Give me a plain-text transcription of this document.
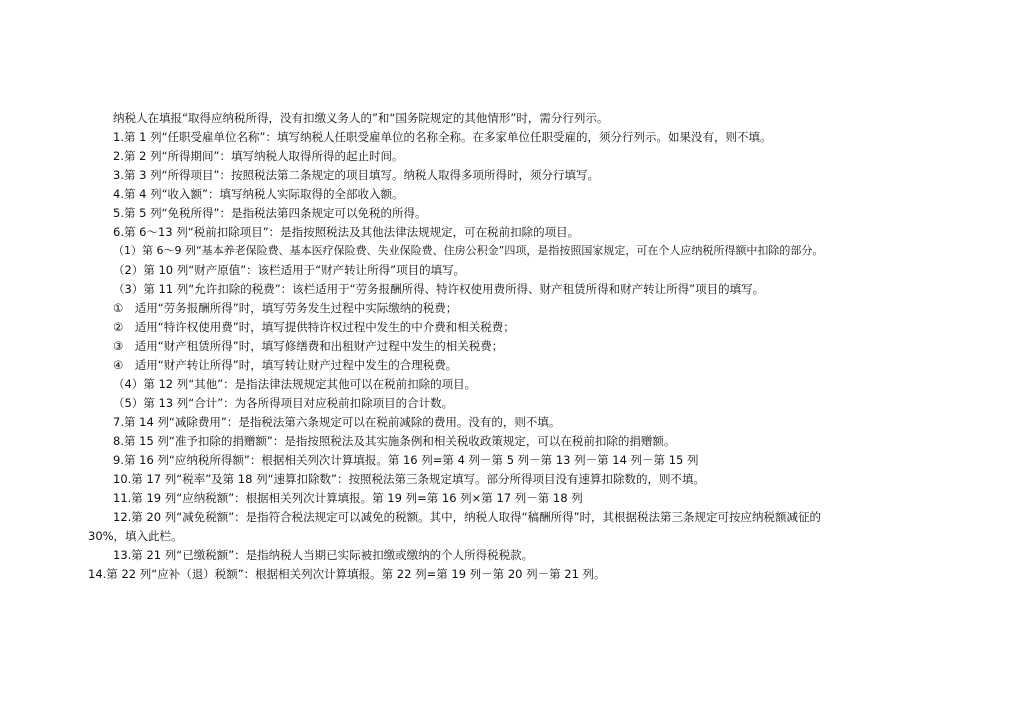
纳税人在填报“取得应纳税所得，没有扣缴义务人的”和“国务院规定的其他情形”时，需分行列示。
1.第 1 列“任职受雇单位名称”：填写纳税人任职受雇单位的名称全称。在多家单位任职受雇的，须分行列示。如果没有，则不填。
2.第 2 列“所得期间”：填写纳税人取得所得的起止时间。
3.第 3 列“所得项目”：按照税法第二条规定的项目填写。纳税人取得多项所得时，须分行填写。
4.第 4 列“收入额”：填写纳税人实际取得的全部收入额。
5.第 5 列“免税所得”：是指税法第四条规定可以免税的所得。
6.第 6～13 列“税前扣除项目”：是指按照税法及其他法律法规规定，可在税前扣除的项目。
（1）第 6～9 列“基本养老保险费、基本医疗保险费、失业保险费、住房公积金”四项，是指按照国家规定，可在个人应纳税所得额中扣除的部分。
（2）第 10 列“财产原值”：该栏适用于“财产转让所得”项目的填写。
（3）第 11 列“允许扣除的税费”：该栏适用于“劳务报酬所得、特许权使用费所得、财产租赁所得和财产转让所得”项目的填写。
①　适用“劳务报酬所得”时，填写劳务发生过程中实际缴纳的税费；
②　适用“特许权使用费”时，填写提供特许权过程中发生的中介费和相关税费；
③　适用“财产租赁所得”时，填写修缮费和出租财产过程中发生的相关税费；
④　适用“财产转让所得”时，填写转让财产过程中发生的合理税费。
（4）第 12 列“其他”：是指法律法规规定其他可以在税前扣除的项目。
（5）第 13 列“合计”：为各所得项目对应税前扣除项目的合计数。
7.第 14 列“减除费用”：是指税法第六条规定可以在税前减除的费用。没有的，则不填。
8.第 15 列“准予扣除的捐赠额”：是指按照税法及其实施条例和相关税收政策规定，可以在税前扣除的捐赠额。
9.第 16 列“应纳税所得额”：根据相关列次计算填报。第 16 列=第 4 列－第 5 列－第 13 列－第 14 列－第 15 列
10.第 17 列“税率”及第 18 列“速算扣除数”：按照税法第三条规定填写。部分所得项目没有速算扣除数的，则不填。
11.第 19 列“应纳税额”：根据相关列次计算填报。第 19 列=第 16 列×第 17 列－第 18 列
12.第 20 列“减免税额”：是指符合税法规定可以减免的税额。其中，纳税人取得“稿酬所得”时，其根据税法第三条规定可按应纳税额减征的
30%，填入此栏。
13.第 21 列“已缴税额”：是指纳税人当期已实际被扣缴或缴纳的个人所得税税款。
14.第 22 列“应补（退）税额”：根据相关列次计算填报。第 22 列=第 19 列－第 20 列－第 21 列。
